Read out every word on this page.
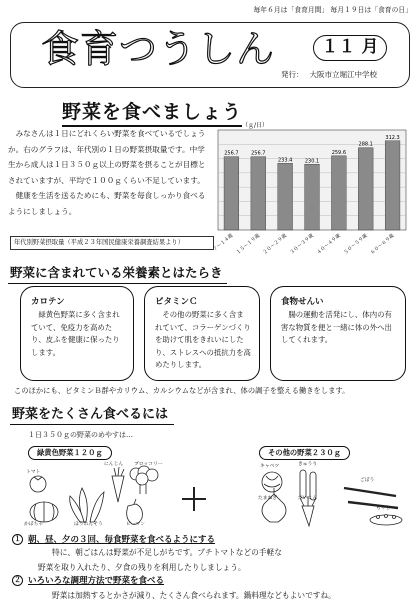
毎年６月は「食育月間」 毎月１９日は「食育の日」
食育つうしん	１１ 月
発行： 大阪市立堀江中学校
野菜を食べましょう

みなさんは１日にどれくらい野菜を食べているでしょうか。右のグラフは、年代別の１日の野菜摂取量です。中学生から成人は１日３５０ｇ以上の野菜を摂ることが目標とされていますが、平均で１００ｇくらい不足しています。

健康を生活を送るためにも、野菜を毎食しっかり食べるようにしましょう。

（ｇ/日）
256.7
７～１４歳
256.7
１５～１９歳
233.4
２０～２９歳
230.1
３０～３９歳
259.6
４０～４９歳
288.1
５０～５９歳
312.3
６０～６９歳
年代別野菜摂取量（平成２３年国民健康栄養調査結果より）
野菜に含まれている栄養素とはたらき
カロテン
緑黄色野菜に多く含まれていて、免疫力を高めたり、皮ふを健康に保ったりします。
ビタミンＣ
その他の野菜に多く含まれていて、コラーゲンづくりを助けて肌をきれいにしたり、ストレスへの抵抗力を高めたりします。
食物せんい
腸の運動を活発にし、体内の有害な物質を便と一緒に体の外へ出してくれます。
このほかにも、ビタミンＢ群やカリウム、カルシウムなどが含まれ、体の調子を整える働きをします。
野菜をたくさん食べるには
１日３５０ｇの野菜のめやすは…
緑黄色野菜１２０ｇ	その他の野菜２３０ｇ
トマト
にんじん ブロッコリー
かぼちゃ	ほうれんそう	ピーマン
キャベツ	きゅうり
たまねぎ	だいこん
ごぼう
もやし
１ 朝、昼、夕の３回、毎食野菜を食べるようにする
特に、朝ごはんは野菜が不足しがちです。プチトマトなどの手軽な
野菜を取り入れたり、夕食の残りを利用したりしましょう。
２ いろいろな調理方法で野菜を食べる
野菜は加熱するとかさが減り、たくさん食べられます。鍋料理などもよいですね。
